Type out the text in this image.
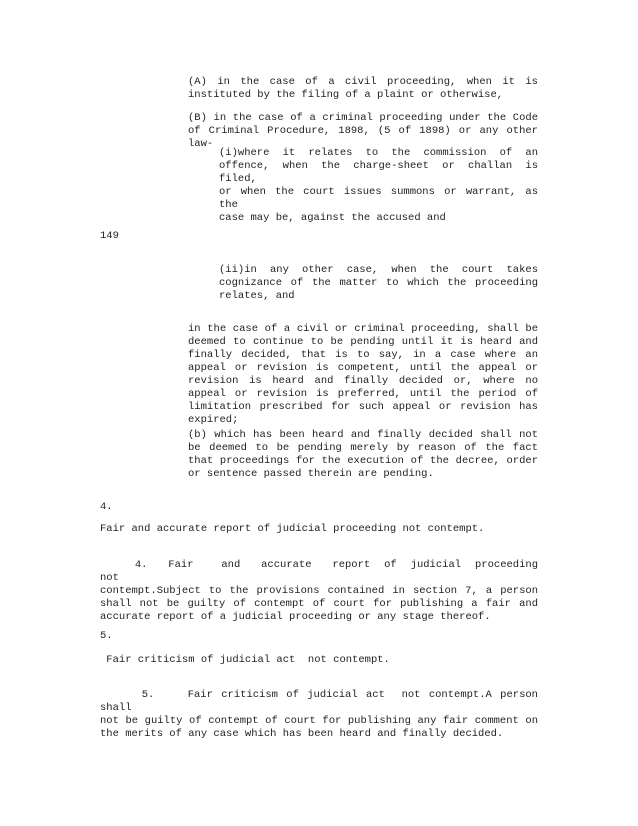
(A) in the case of a civil proceeding, when it is
instituted by the filing of a plaint or otherwise,
(B) in the case of a criminal proceeding under the Code
of Criminal Procedure, 1898, (5 of 1898) or any other
law-
(i)where it relates to the commission of an
offence, when the charge-sheet or challan is filed,
or when the court issues summons or warrant, as the
case may be, against the accused and
149
(ii)in any other case, when the court takes
cognizance of the matter to which the proceeding
relates, and
in the case of a civil or criminal proceeding, shall be
deemed to continue to be pending until it is heard and
finally decided, that is to say, in a case where an
appeal or revision is competent, until the appeal or
revision is heard and finally decided or, where no
appeal or revision is preferred, until the period of
limitation prescribed for such appeal or revision has
expired;
(b) which has been heard and finally decided shall not
be deemed to be pending merely by reason of the fact
that proceedings for the execution of the decree, order
or sentence passed therein are pending.
4.
Fair and accurate report of judicial proceeding not contempt.
4.   Fair    and   accurate   report  of  judicial  proceeding   not
contempt.Subject to the provisions contained in section 7, a person
shall not be guilty of contempt of court for publishing a fair and
accurate report of a judicial proceeding or any stage thereof.
5.
Fair criticism of judicial act  not contempt.
5.    Fair criticism of judicial act  not contempt.A person shall
not be guilty of contempt of court for publishing any fair comment on
the merits of any case which has been heard and finally decided.
